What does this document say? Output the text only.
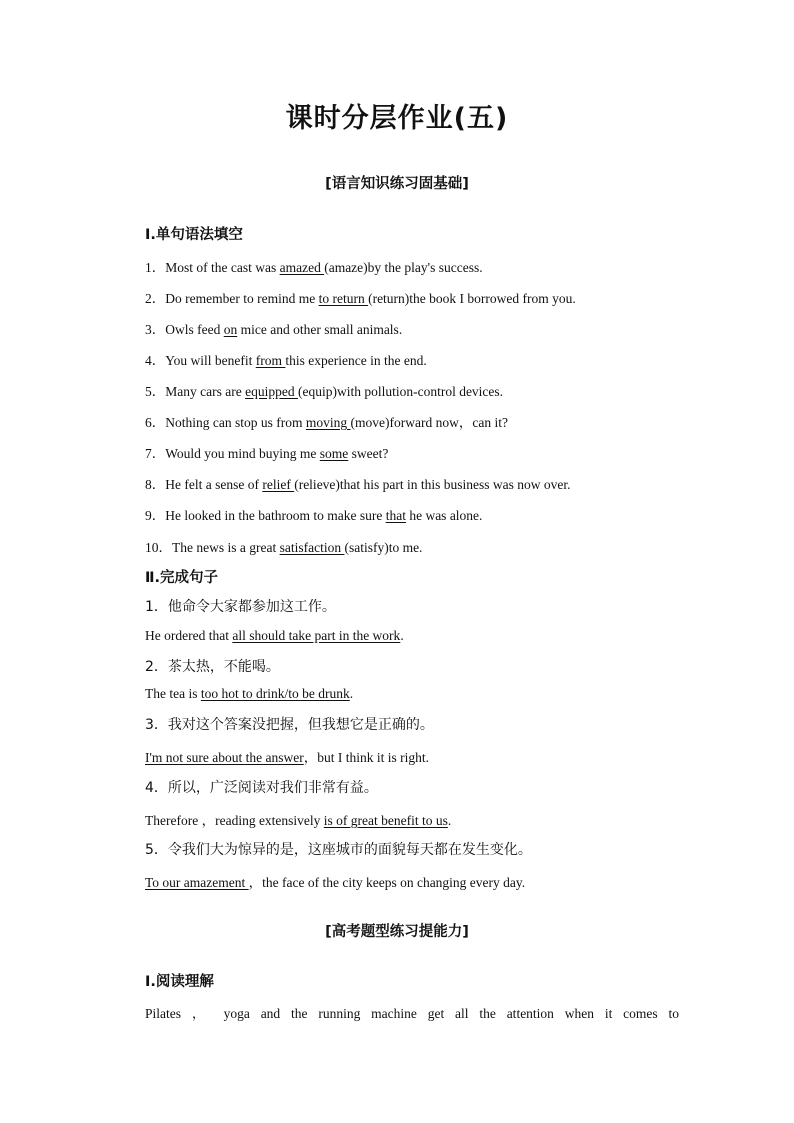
课时分层作业(五)
[语言知识练习固基础]
Ⅰ.单句语法填空
1．Most of the cast was amazed (amaze)by the play's success.
2．Do remember to remind me to return (return)the book I borrowed from you.
3．Owls feed on mice and other small animals.
4．You will benefit from this experience in the end.
5．Many cars are equipped (equip)with pollution-control devices.
6．Nothing can stop us from moving (move)forward now，can it?
7．Would you mind buying me some sweet?
8．He felt a sense of relief (relieve)that his part in this business was now over.
9．He looked in the bathroom to make sure that he was alone.
10．The news is a great satisfaction (satisfy)to me.
Ⅱ.完成句子
1．他命令大家都参加这工作。
He ordered that all should take part in the work.
2．茶太热，不能喝。
The tea is too hot to drink/to be drunk.
3．我对这个答案没把握，但我想它是正确的。
I'm not sure about the answer，but I think it is right.
4．所以，广泛阅读对我们非常有益。
Therefore ，reading extensively is of great benefit to us.
5．令我们大为惊异的是，这座城市的面貌每天都在发生变化。
To our amazement ，the face of the city keeps on changing every day.
[高考题型练习提能力]
Ⅰ.阅读理解
Pilates ， yoga and the running machine get all the attention when it comes to
